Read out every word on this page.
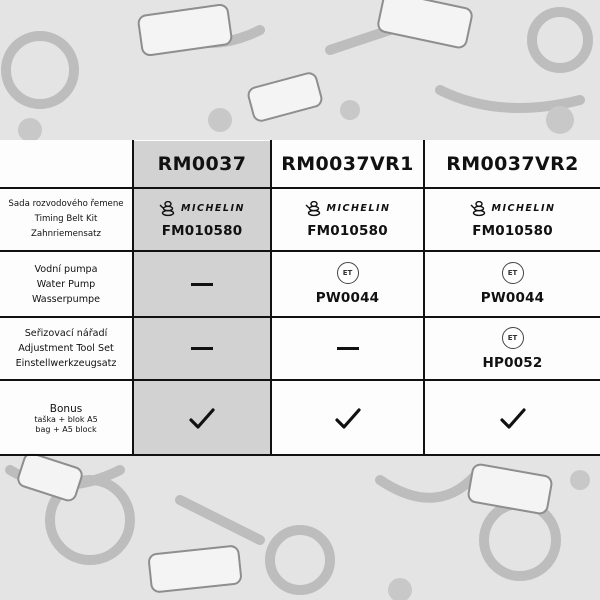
RM0037	RM0037VR1	RM0037VR2
Sada rozvodového řemene
Timing Belt Kit
Zahnriemensatz
MICHELIN
FM010580
MICHELIN
FM010580
MICHELIN
FM010580
Vodní pumpa
Water Pump
Wasserpumpe
ET
PW0044
ET
PW0044
Seřizovací nářadí
Adjustment Tool Set
Einstellwerkzeugsatz
ET
HP0052
Bonus
taška + blok A5
bag + A5 block
